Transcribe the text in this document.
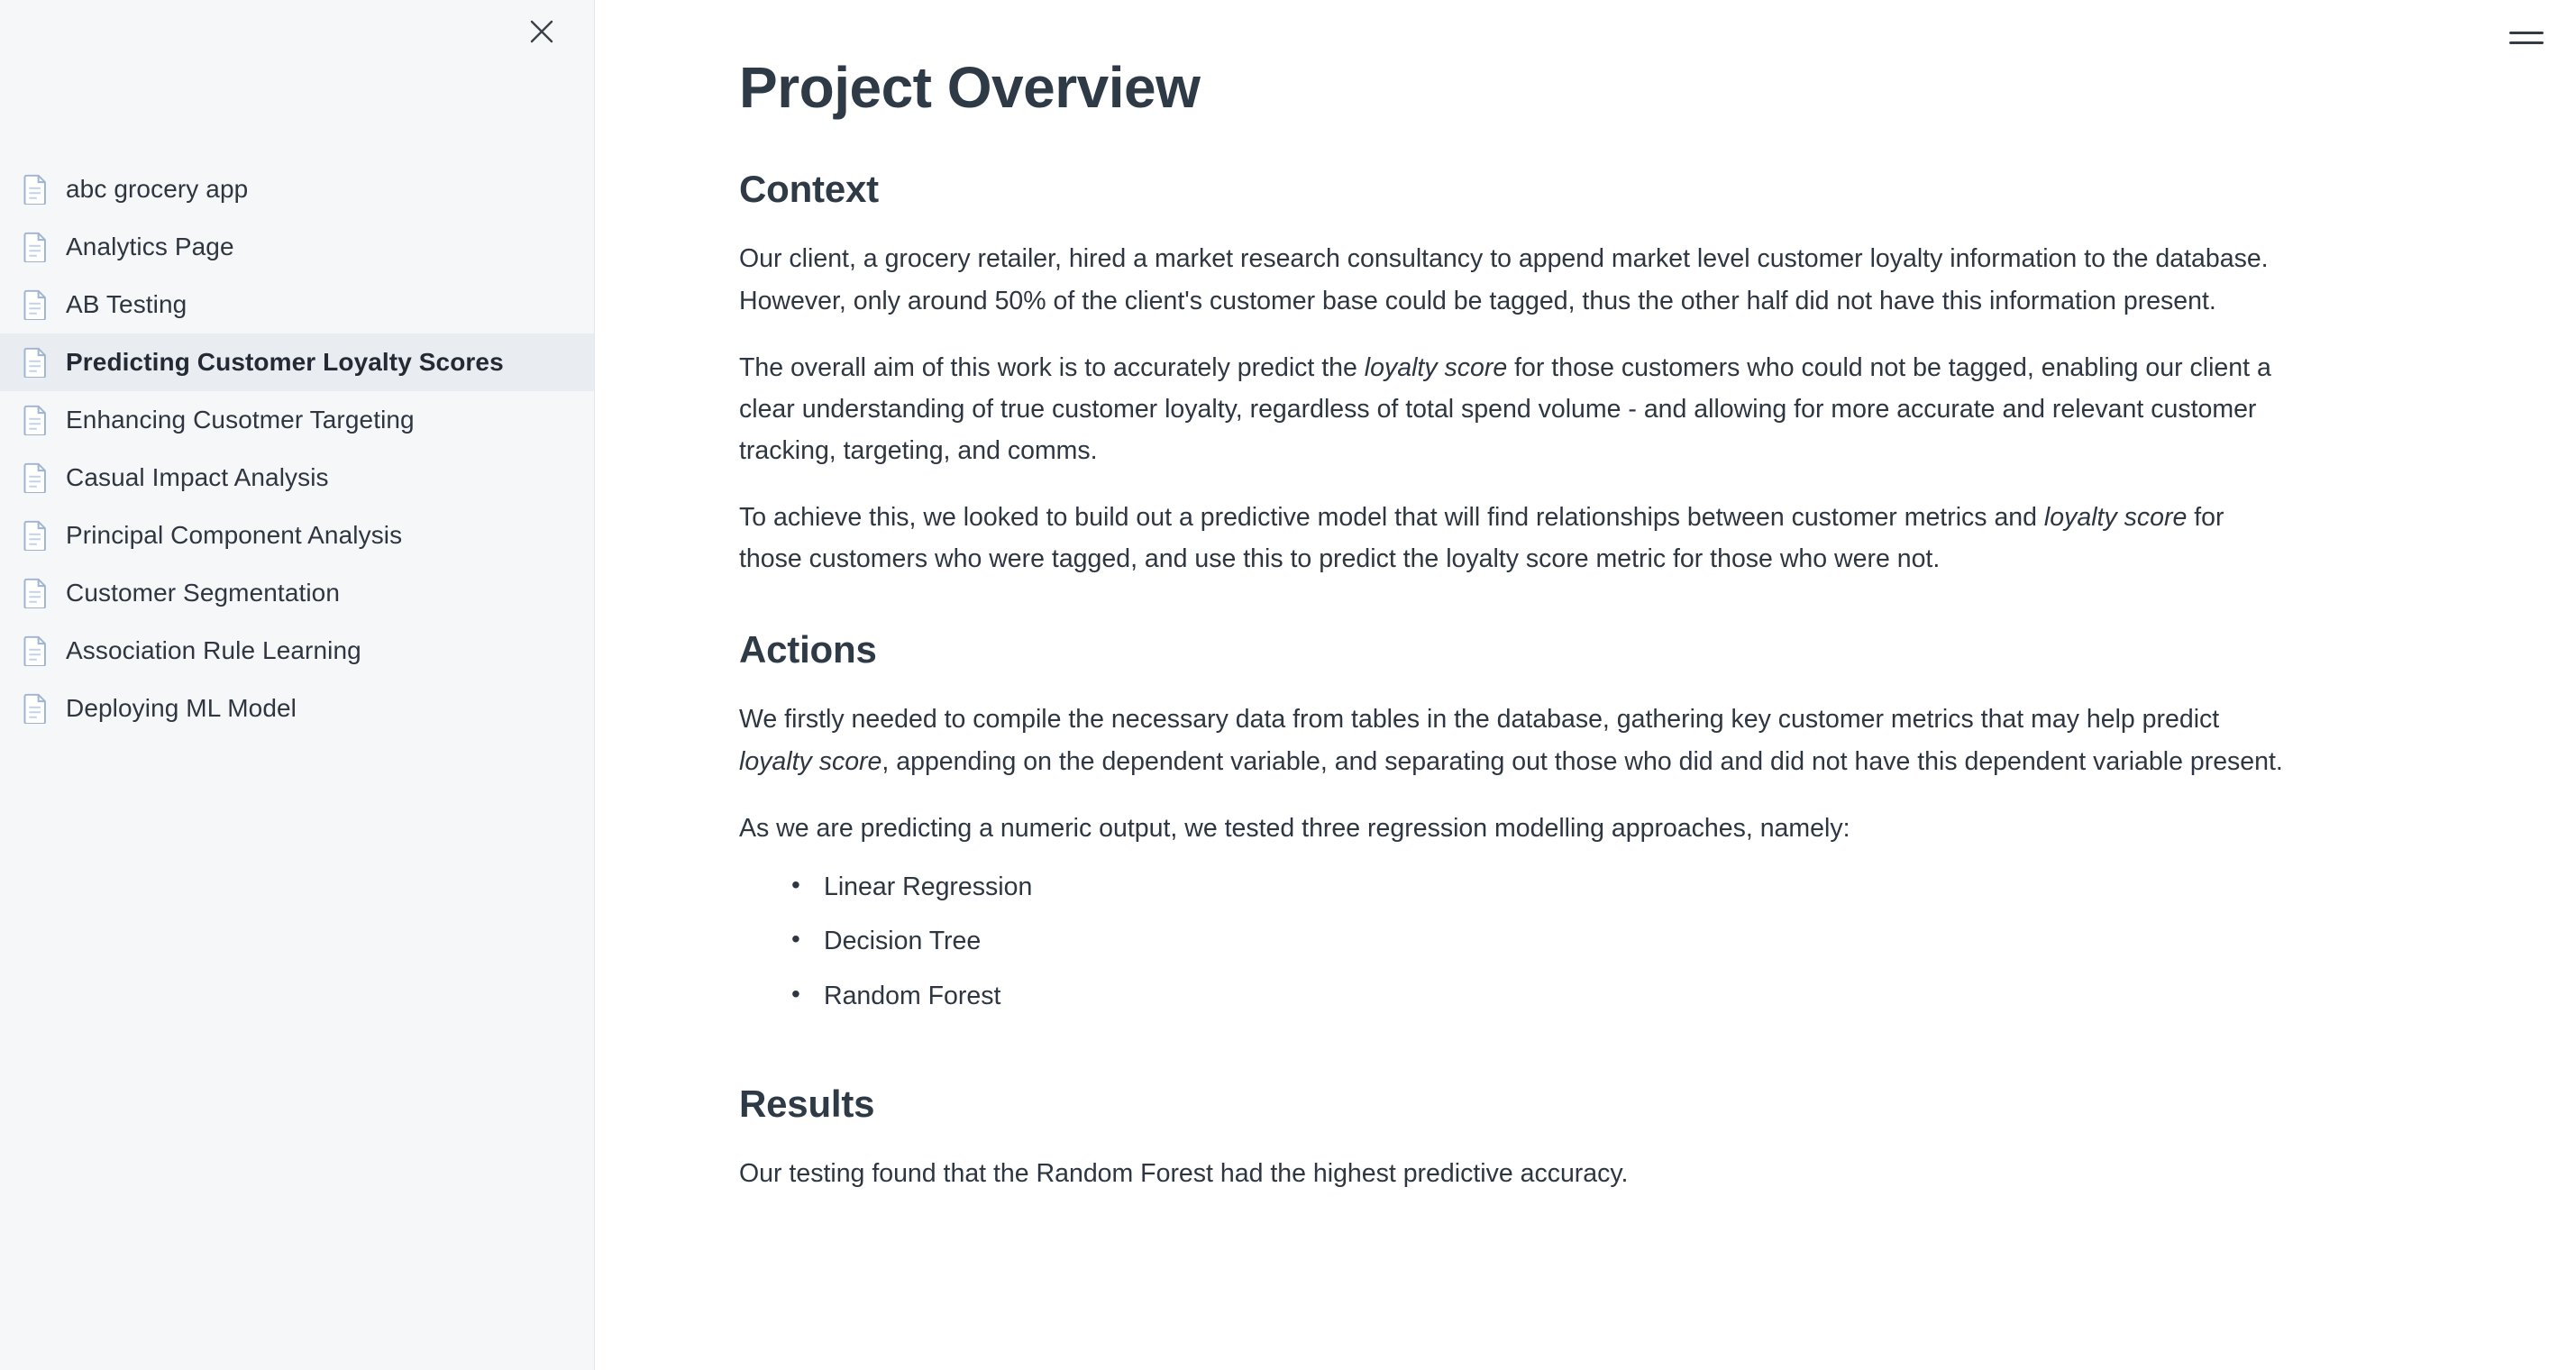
abc grocery app
Analytics Page
AB Testing
Predicting Customer Loyalty Scores
Enhancing Cusotmer Targeting
Casual Impact Analysis
Principal Component Analysis
Customer Segmentation
Association Rule Learning
Deploying ML Model
Project Overview
Context

Our client, a grocery retailer, hired a market research consultancy to append market level customer loyalty information to the database. However, only around 50% of the client's customer base could be tagged, thus the other half did not have this information present.

The overall aim of this work is to accurately predict the loyalty score for those customers who could not be tagged, enabling our client a clear understanding of true customer loyalty, regardless of total spend volume - and allowing for more accurate and relevant customer tracking, targeting, and comms.

To achieve this, we looked to build out a predictive model that will find relationships between customer metrics and loyalty score for those customers who were tagged, and use this to predict the loyalty score metric for those who were not.

Actions

We firstly needed to compile the necessary data from tables in the database, gathering key customer metrics that may help predict loyalty score, appending on the dependent variable, and separating out those who did and did not have this dependent variable present.

As we are predicting a numeric output, we tested three regression modelling approaches, namely:

• Linear Regression
• Decision Tree
• Random Forest
Results

Our testing found that the Random Forest had the highest predictive accuracy.
